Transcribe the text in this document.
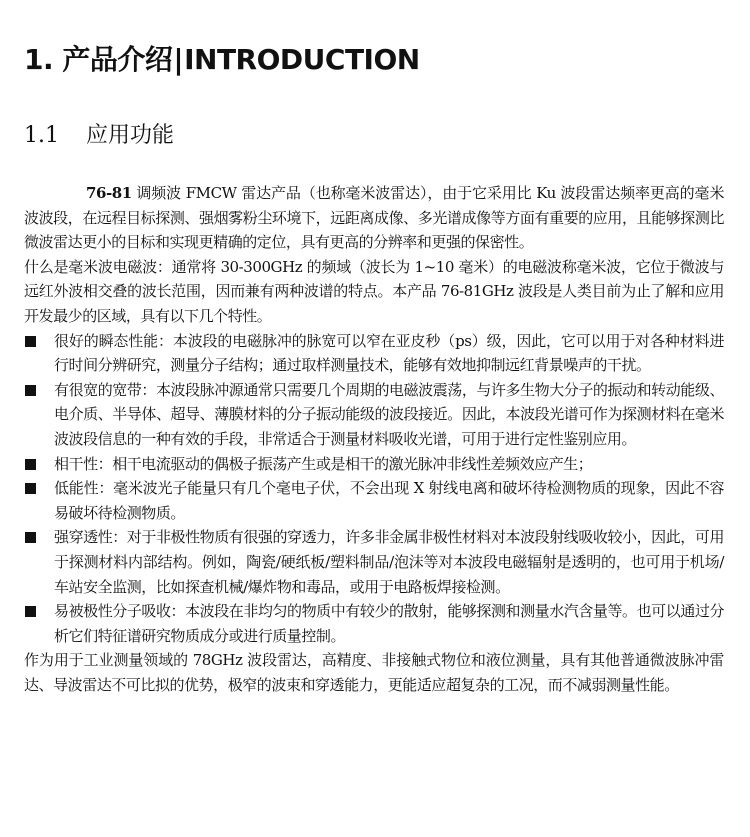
1. 产品介绍|INTRODUCTION
1.1 应用功能

76-81 调频波 FMCW 雷达产品（也称毫米波雷达），由于它采用比 Ku 波段雷达频率更高的毫米波波段，在远程目标探测、强烟雾粉尘环境下，远距离成像、多光谱成像等方面有重要的应用，且能够探测比微波雷达更小的目标和实现更精确的定位，具有更高的分辨率和更强的保密性。

什么是毫米波电磁波：通常将 30-300GHz 的频域（波长为 1~10 毫米）的电磁波称毫米波，它位于微波与远红外波相交叠的波长范围，因而兼有两种波谱的特点。本产品 76-81GHz 波段是人类目前为止了解和应用开发最少的区域，具有以下几个特性。

很好的瞬态性能：本波段的电磁脉冲的脉宽可以窄在亚皮秒（ps）级，因此，它可以用于对各种材料进行时间分辨研究，测量分子结构；通过取样测量技术，能够有效地抑制远红背景噪声的干扰。
有很宽的宽带：本波段脉冲源通常只需要几个周期的电磁波震荡，与许多生物大分子的振动和转动能级、电介质、半导体、超导、薄膜材料的分子振动能级的波段接近。因此，本波段光谱可作为探测材料在毫米波波段信息的一种有效的手段，非常适合于测量材料吸收光谱，可用于进行定性鉴别应用。
相干性：相干电流驱动的偶极子振荡产生或是相干的激光脉冲非线性差频效应产生；
低能性：毫米波光子能量只有几个毫电子伏，不会出现 X 射线电离和破坏待检测物质的现象，因此不容易破坏待检测物质。
强穿透性：对于非极性物质有很强的穿透力，许多非金属非极性材料对本波段射线吸收较小，因此，可用于探测材料内部结构。例如，陶瓷/硬纸板/塑料制品/泡沫等对本波段电磁辐射是透明的，也可用于机场/车站安全监测，比如探查机械/爆炸物和毒品，或用于电路板焊接检测。
易被极性分子吸收：本波段在非均匀的物质中有较少的散射，能够探测和测量水汽含量等。也可以通过分析它们特征谱研究物质成分或进行质量控制。

作为用于工业测量领域的 78GHz 波段雷达，高精度、非接触式物位和液位测量，具有其他普通微波脉冲雷达、导波雷达不可比拟的优势，极窄的波束和穿透能力，更能适应超复杂的工况，而不减弱测量性能。
